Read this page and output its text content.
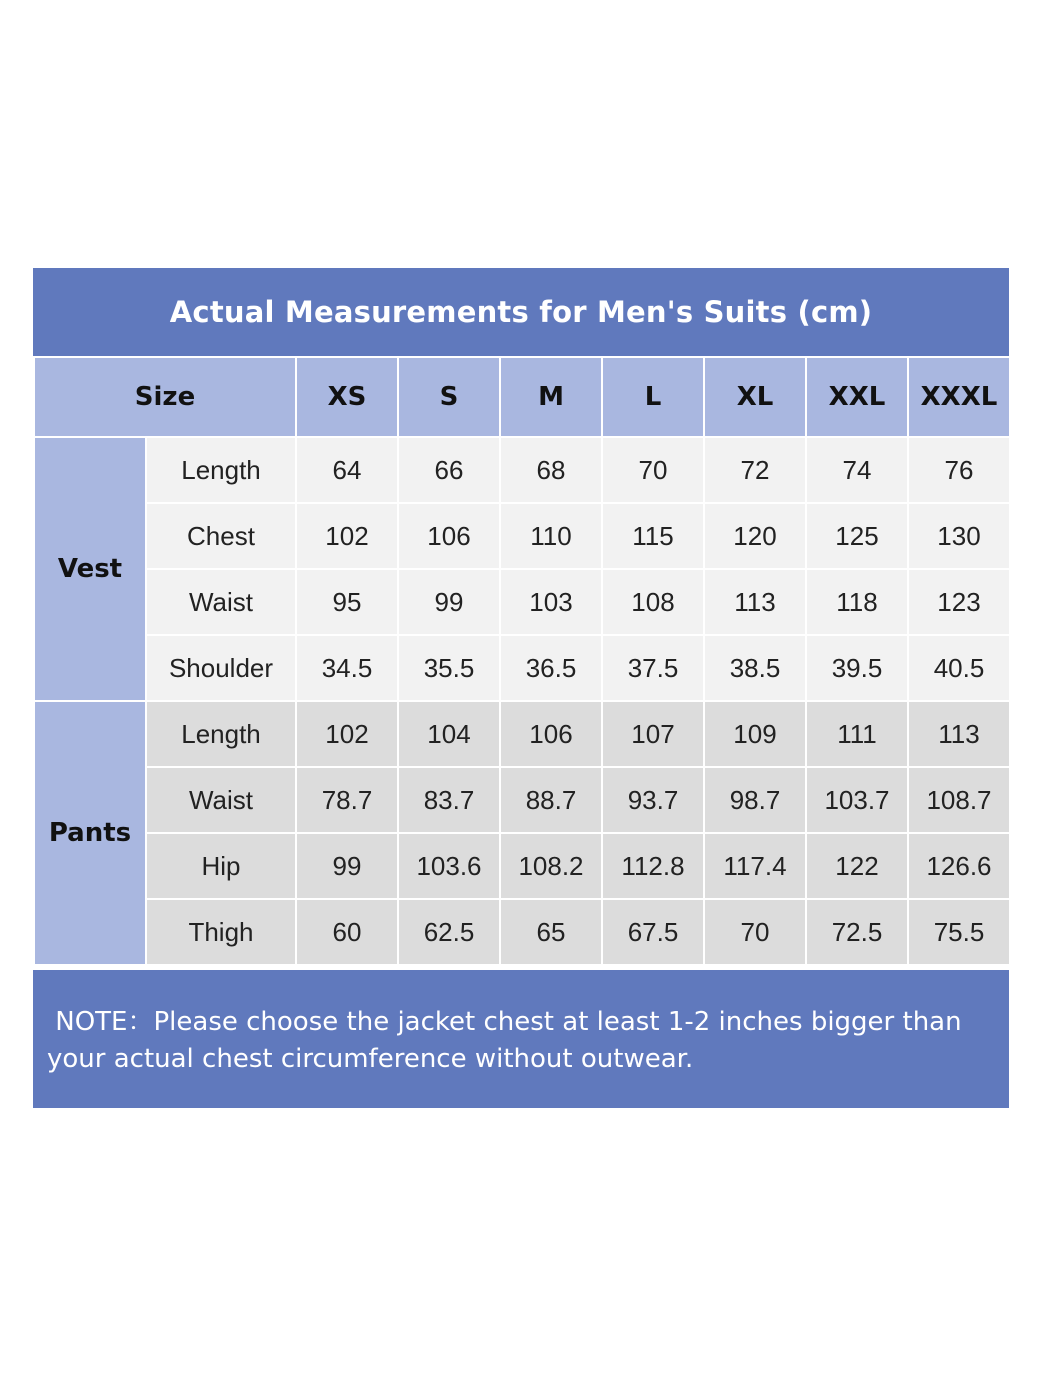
Actual Measurements for Men's Suits (cm)
Size		XS	S	M	L	XL	XXL	XXXL
Vest	Length	64	66	68	70	72	74	76
	Chest	102	106	110	115	120	125	130
	Waist	95	99	103	108	113	118	123
	Shoulder	34.5	35.5	36.5	37.5	38.5	39.5	40.5
Pants	Length	102	104	106	107	109	111	113
	Waist	78.7	83.7	88.7	93.7	98.7	103.7	108.7
	Hip	99	103.6	108.2	112.8	117.4	122	126.6
	Thigh	60	62.5	65	67.5	70	72.5	75.5
NOTE：Please choose the jacket chest at least 1-2 inches bigger than
your actual chest circumference without outwear.
